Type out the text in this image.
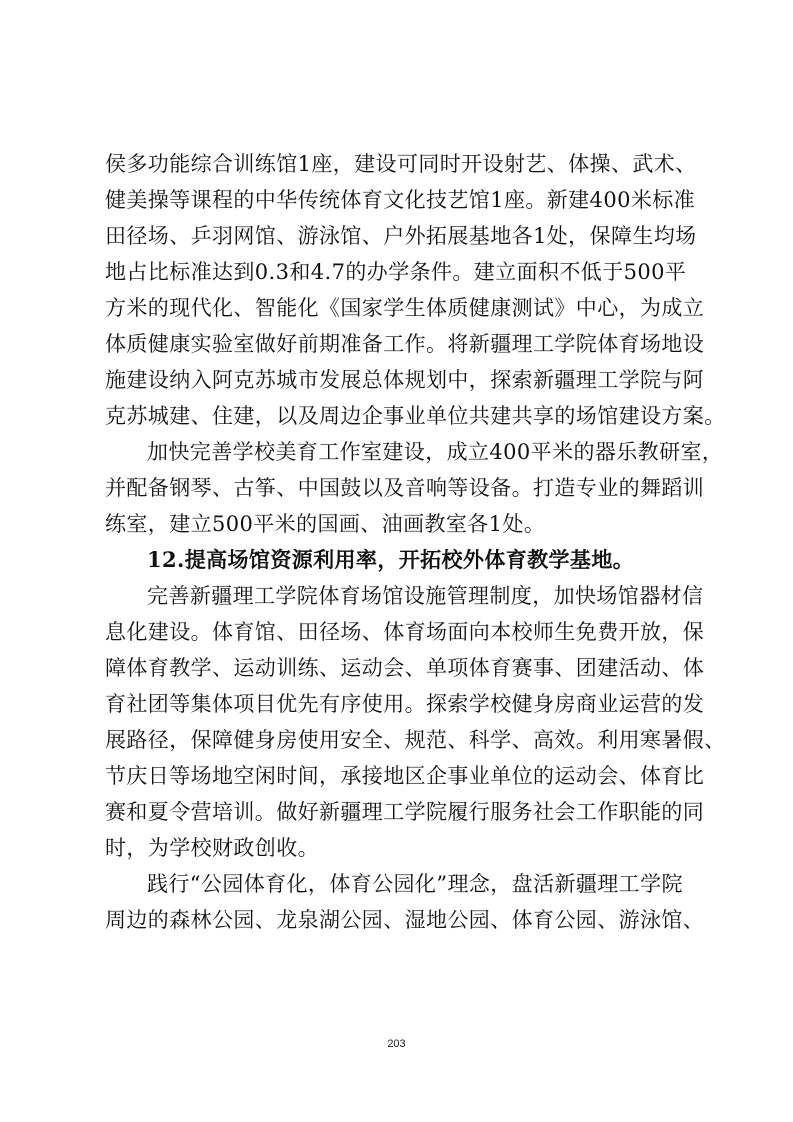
侯多功能综合训练馆1座，建设可同时开设射艺、体操、武术、
健美操等课程的中华传统体育文化技艺馆1座。新建400米标准
田径场、乒羽网馆、游泳馆、户外拓展基地各1处，保障生均场
地占比标准达到0.3和4.7的办学条件。建立面积不低于500平
方米的现代化、智能化《国家学生体质健康测试》中心，为成立
体质健康实验室做好前期准备工作。将新疆理工学院体育场地设
施建设纳入阿克苏城市发展总体规划中，探索新疆理工学院与阿
克苏城建、住建，以及周边企事业单位共建共享的场馆建设方案。
加快完善学校美育工作室建设，成立400平米的器乐教研室，
并配备钢琴、古筝、中国鼓以及音响等设备。打造专业的舞蹈训
练室，建立500平米的国画、油画教室各1处。
12.提高场馆资源利用率，开拓校外体育教学基地。
完善新疆理工学院体育场馆设施管理制度，加快场馆器材信
息化建设。体育馆、田径场、体育场面向本校师生免费开放，保
障体育教学、运动训练、运动会、单项体育赛事、团建活动、体
育社团等集体项目优先有序使用。探索学校健身房商业运营的发
展路径，保障健身房使用安全、规范、科学、高效。利用寒暑假、
节庆日等场地空闲时间，承接地区企事业单位的运动会、体育比
赛和夏令营培训。做好新疆理工学院履行服务社会工作职能的同
时，为学校财政创收。
践行“公园体育化，体育公园化”理念，盘活新疆理工学院
周边的森林公园、龙泉湖公园、湿地公园、体育公园、游泳馆、
203
